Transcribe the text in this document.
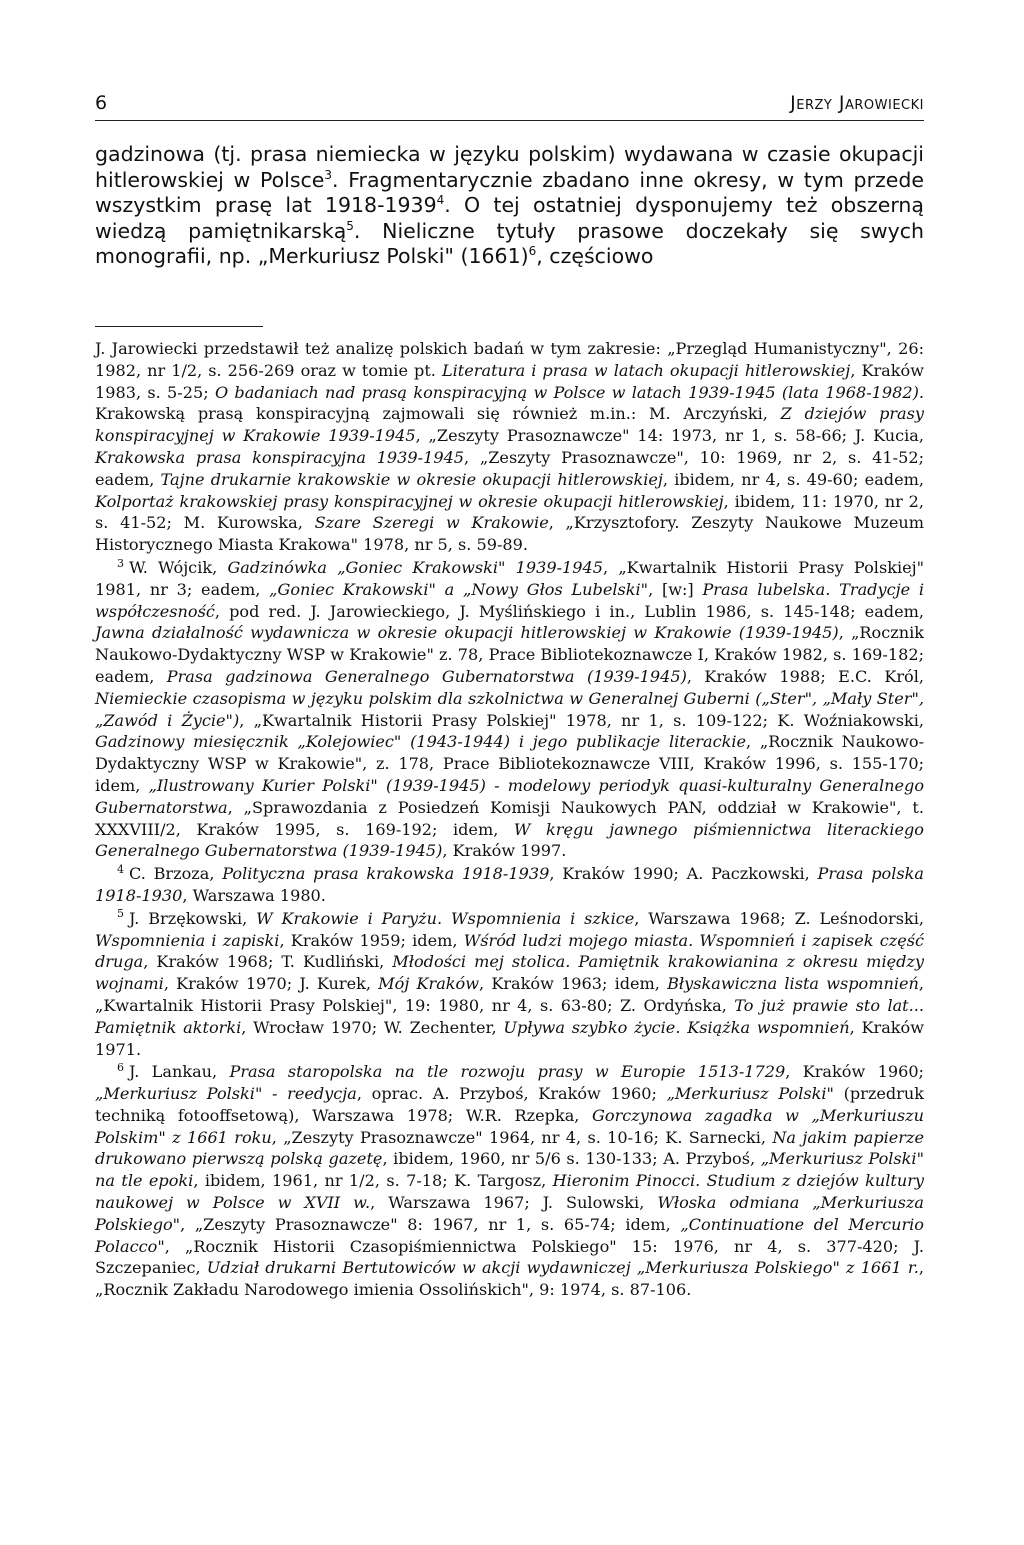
6	Jerzy Jarowiecki

gadzinowa (tj. prasa niemiecka w języku polskim) wydawana w czasie okupacji hitlerowskiej w Polsce$^3$. Fragmentarycznie zbadano inne okresy, w tym przede wszystkim prasę lat 1918-1939$^4$. O tej ostatniej dysponujemy też obszerną wiedzą pamiętnikarską$^5$. Nieliczne tytuły prasowe doczekały się swych monografii, np. „Merkuriusz Polski" $(1661)^6$, częściowo

J. Jarowiecki przedstawił też analizę polskich badań w tym zakresie: „Przegląd Humanistyczny", 26: 1982, nr 1/2, s. 256-269 oraz w tomie pt. Literatura i prasa w latach okupacji hitlerowskiej, Kraków 1983, s. 5-25; O badaniach nad prasą konspiracyjną w Polsce w latach 1939-1945 (lata 1968-1982). Krakowską prasą konspiracyjną zajmowali się również m.in.: M. Arczyński, Z dziejów prasy konspiracyjnej w Krakowie 1939-1945, „Zeszyty Prasoznawcze" 14: 1973, nr 1, s. 58-66; J. Kucia, Krakowska prasa konspiracyjna 1939-1945, „Zeszyty Prasoznawcze", 10: 1969, nr 2, s. 41-52; eadem, Tajne drukarnie krakowskie w okresie okupacji hitlerowskiej, ibidem, nr 4, s. 49-60; eadem, Kolportaż krakowskiej prasy konspiracyjnej w okresie okupacji hitlerowskiej, ibidem, 11: 1970, nr 2, s. 41-52; M. Kurowska, Szare Szeregi w Krakowie, „Krzysztofory. Zeszyty Naukowe Muzeum Historycznego Miasta Krakowa" 1978, nr 5, s. 59-89.

$^3$ W. Wójcik, Gadzinówka „Goniec Krakowski" 1939-1945, „Kwartalnik Historii Prasy Polskiej" 1981, nr 3; eadem, „Goniec Krakowski" a „Nowy Głos Lubelski", [w:] Prasa lubelska. Tradycje i współczesność, pod red. J. Jarowieckiego, J. Myślińskiego i in., Lublin 1986, s. 145-148; eadem, Jawna działalność wydawnicza w okresie okupacji hitlerowskiej w Krakowie (1939-1945), „Rocznik Naukowo-Dydaktyczny WSP w Krakowie" z. 78, Prace Bibliotekoznawcze I, Kraków 1982, s. 169-182; eadem, Prasa gadzinowa Generalnego Gubernatorstwa (1939-1945), Kraków 1988; E.C. Król, Niemieckie czasopisma w języku polskim dla szkolnictwa w Generalnej Guberni („Ster", „Mały Ster", „Zawód i Życie"), „Kwartalnik Historii Prasy Polskiej" 1978, nr 1, s. 109-122; K. Woźniakowski, Gadzinowy miesięcznik „Kolejowiec" (1943-1944) i jego publikacje literackie, „Rocznik Naukowo-Dydaktyczny WSP w Krakowie", z. 178, Prace Bibliotekoznawcze VIII, Kraków 1996, s. 155-170; idem, „Ilustrowany Kurier Polski" (1939-1945) - modelowy periodyk quasi-kulturalny Generalnego Gubernatorstwa, „Sprawozdania z Posiedzeń Komisji Naukowych PAN, oddział w Krakowie", t. XXXVIII/2, Kraków 1995, s. 169-192; idem, W kręgu jawnego piśmiennictwa literackiego Generalnego Gubernatorstwa (1939-1945), Kraków 1997.

$^4$ C. Brzoza, Polityczna prasa krakowska 1918-1939, Kraków 1990; A. Paczkowski, Prasa polska 1918-1930, Warszawa 1980.

$^5$ J. Brzękowski, W Krakowie i Paryżu. Wspomnienia i szkice, Warszawa 1968; Z. Leśnodorski, Wspomnienia i zapiski, Kraków 1959; idem, Wśród ludzi mojego miasta. Wspomnień i zapisek część druga, Kraków 1968; T. Kudliński, Młodości mej stolica. Pamiętnik krakowianina z okresu między wojnami, Kraków 1970; J. Kurek, Mój Kraków, Kraków 1963; idem, Błyskawiczna lista wspomnień, „Kwartalnik Historii Prasy Polskiej", 19: 1980, nr 4, s. 63-80; Z. Ordyńska, To już prawie sto lat... Pamiętnik aktorki, Wrocław 1970; W. Zechenter, Upływa szybko życie. Książka wspomnień, Kraków 1971.

$^6$ J. Lankau, Prasa staropolska na tle rozwoju prasy w Europie 1513-1729, Kraków 1960; „Merkuriusz Polski" - reedycja, oprac. A. Przyboś, Kraków 1960; „Merkuriusz Polski" (przedruk techniką fotooffsetową), Warszawa 1978; W.R. Rzepka, Gorczynowa zagadka w „Merkuriuszu Polskim" z 1661 roku, „Zeszyty Prasoznawcze" 1964, nr 4, s. 10-16; K. Sarnecki, Na jakim papierze drukowano pierwszą polską gazetę, ibidem, 1960, nr 5/6 s. 130-133; A. Przyboś, „Merkuriusz Polski" na tle epoki, ibidem, 1961, nr 1/2, s. 7-18; K. Targosz, Hieronim Pinocci. Studium z dziejów kultury naukowej w Polsce w XVII w., Warszawa 1967; J. Sulowski, Włoska odmiana „Merkuriusza Polskiego", „Zeszyty Prasoznawcze" 8: 1967, nr 1, s. 65-74; idem, „Continuatione del Mercurio Polacco", „Rocznik Historii Czasopiśmiennictwa Polskiego" 15: 1976, nr 4, s. 377-420; J. Szczepaniec, Udział drukarni Bertutowiców w akcji wydawniczej „Merkuriusza Polskiego" z 1661 r., „Rocznik Zakładu Narodowego imienia Ossolińskich", 9: 1974, s. 87-106.
